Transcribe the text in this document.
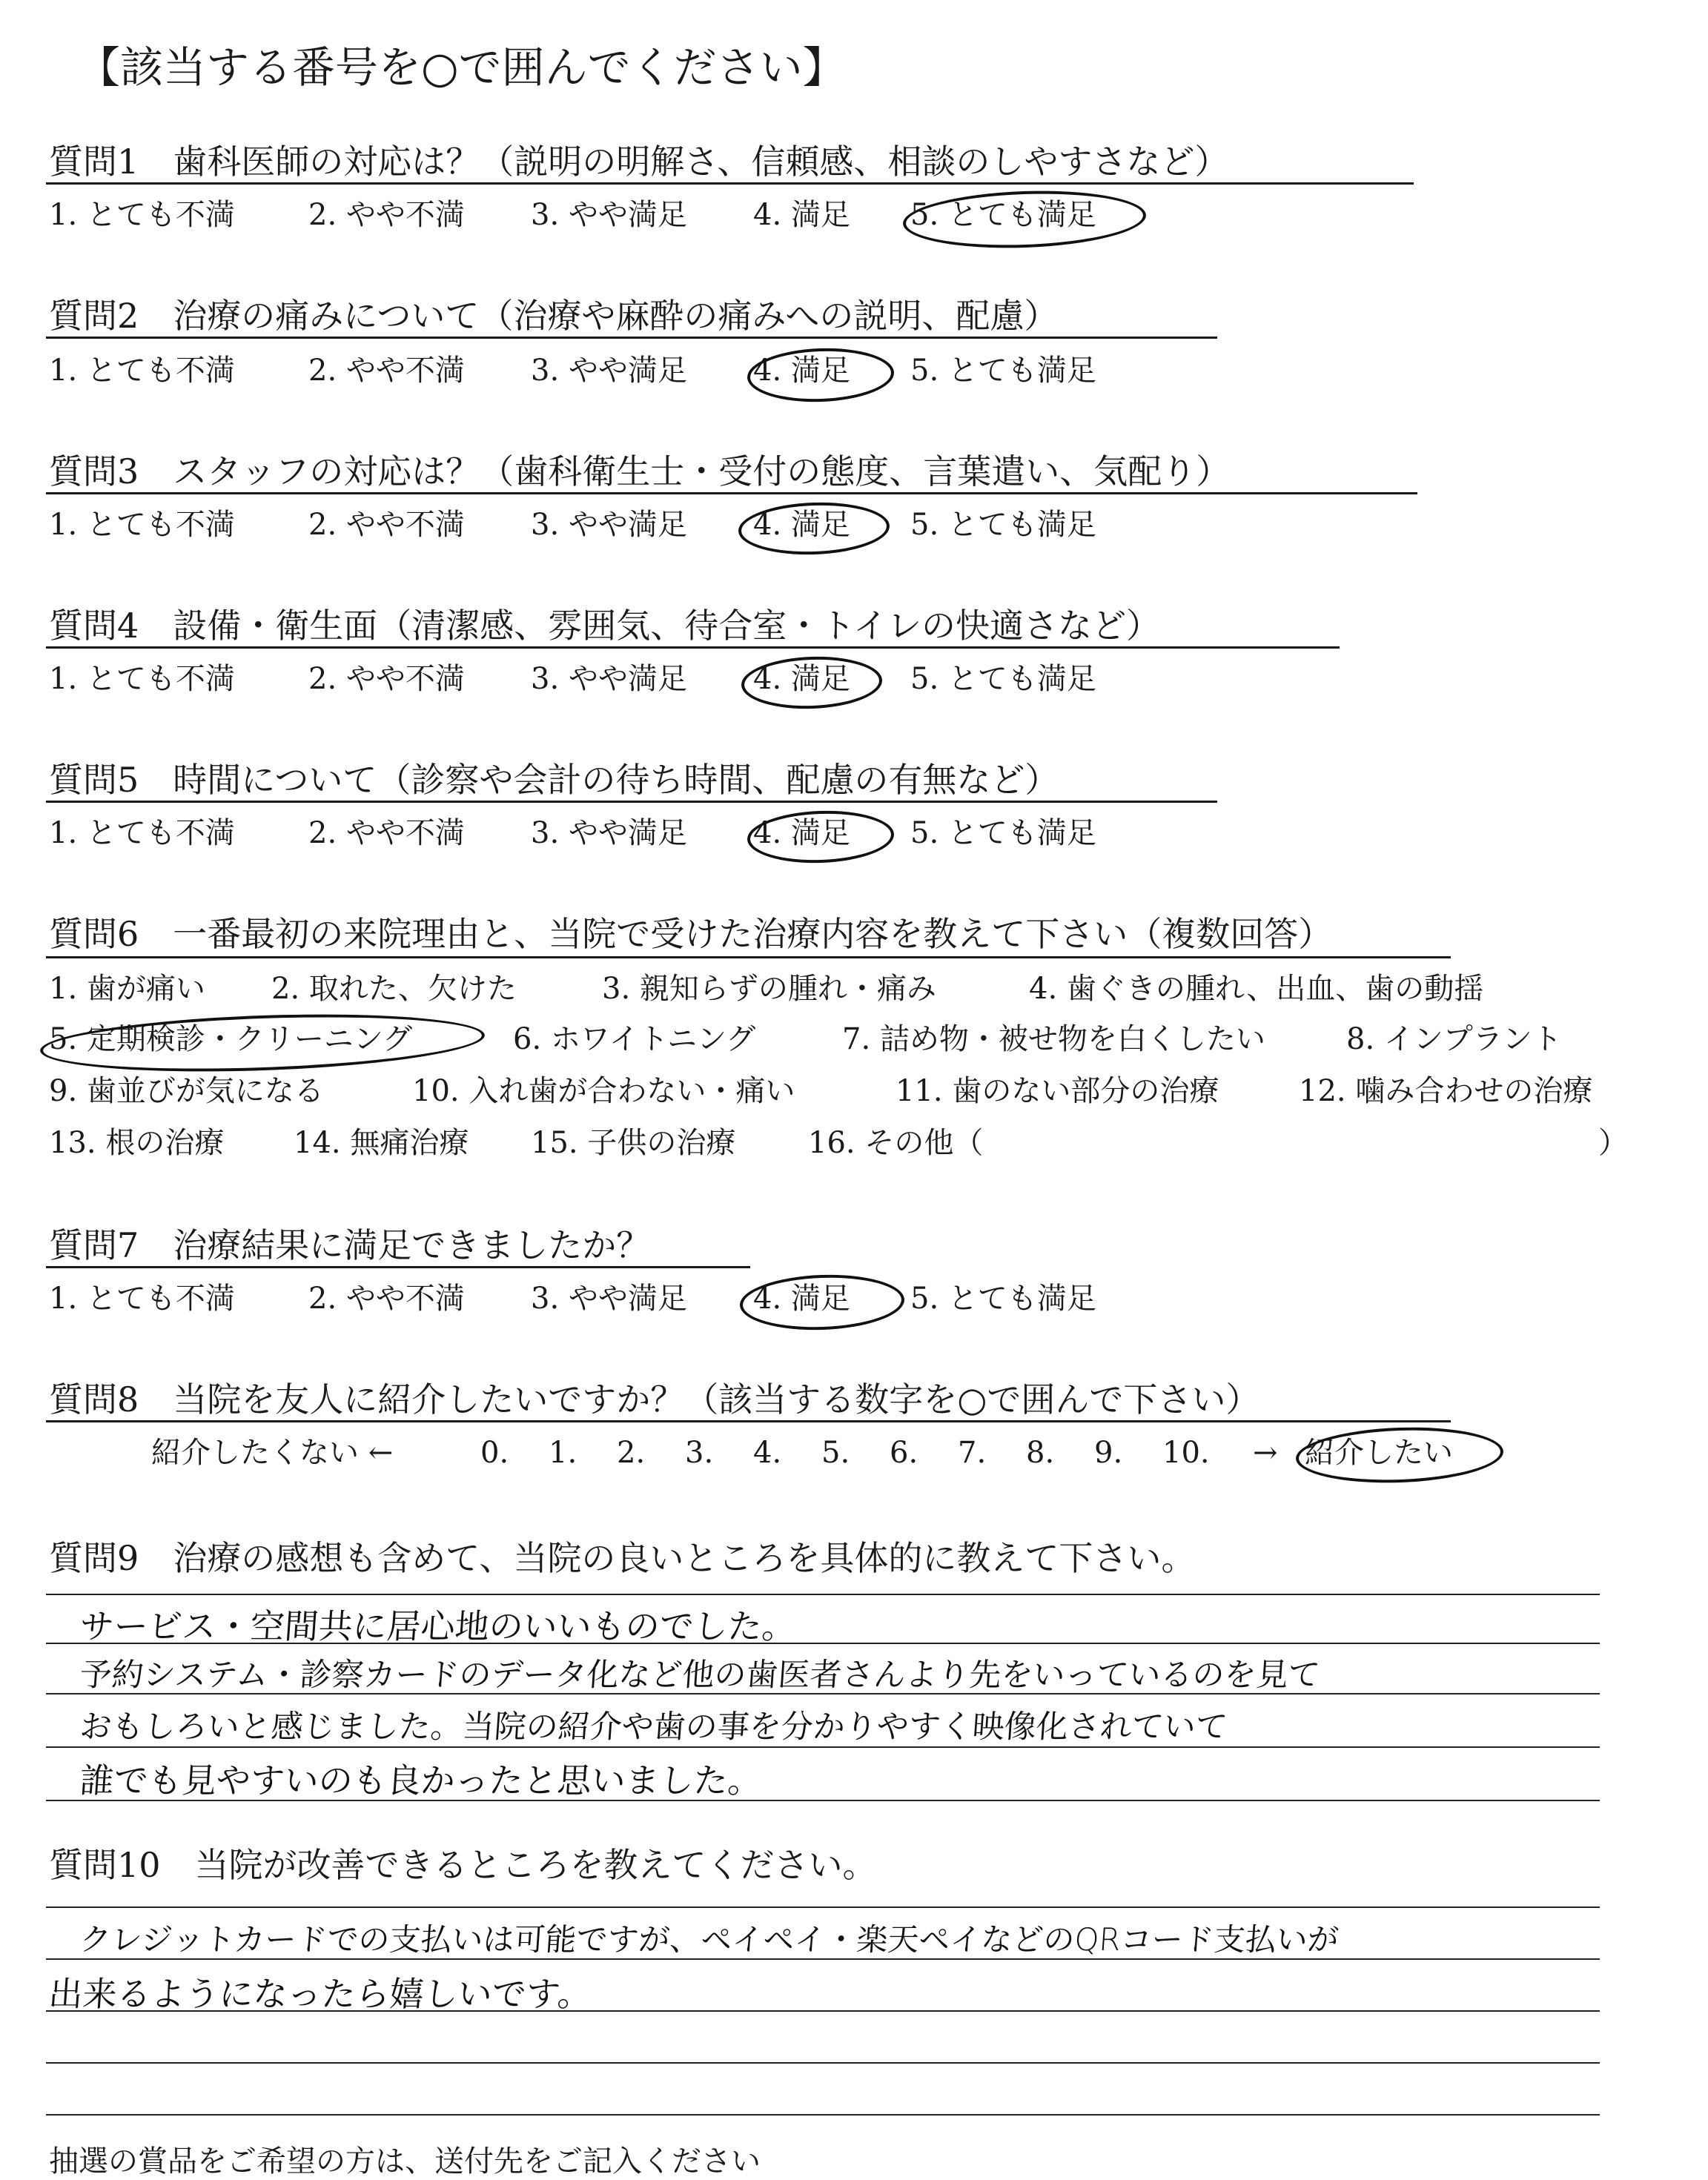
【該当する番号を○で囲んでください】
質問1　歯科医師の対応は？（説明の明解さ、信頼感、相談のしやすさなど）
1. とても不満 2. やや不満 3. やや満足 4. 満足 5. とても満足
質問2　治療の痛みについて（治療や麻酔の痛みへの説明、配慮）
1. とても不満 2. やや不満 3. やや満足 4. 満足 5. とても満足
質問3　スタッフの対応は？（歯科衛生士・受付の態度、言葉遣い、気配り）
1. とても不満 2. やや不満 3. やや満足 4. 満足 5. とても満足
質問4　設備・衛生面（清潔感、雰囲気、待合室・トイレの快適さなど）
1. とても不満 2. やや不満 3. やや満足 4. 満足 5. とても満足
質問5　時間について（診察や会計の待ち時間、配慮の有無など）
1. とても不満 2. やや不満 3. やや満足 4. 満足 5. とても満足
質問6　一番最初の来院理由と、当院で受けた治療内容を教えて下さい（複数回答）
1. 歯が痛い 2. 取れた、欠けた	3. 親知らずの腫れ・痛み	4. 歯ぐきの腫れ、出血、歯の動揺
5. 定期検診・クリーニング	6. ホワイトニング	7. 詰め物・被せ物を白くしたい	8. インプラント
9. 歯並びが気になる	10. 入れ歯が合わない・痛い	11. 歯のない部分の治療	12. 噛み合わせの治療
13. 根の治療 14. 無痛治療 15. 子供の治療 16. その他（	）
質問7　治療結果に満足できましたか？
1. とても不満 2. やや不満 3. やや満足 4. 満足 5. とても満足
質問8　当院を友人に紹介したいですか？（該当する数字を○で囲んで下さい）
紹介したくない ←	0. 1. 2. 3. 4. 5. 6. 7. 8. 9. 10. → 紹介したい
質問9　治療の感想も含めて、当院の良いところを具体的に教えて下さい。
サービス・空間共に居心地のいいものでした。
予約システム・診察カードのデータ化など他の歯医者さんより先をいっているのを見て
おもしろいと感じました。当院の紹介や歯の事を分かりやすく映像化されていて
誰でも見やすいのも良かったと思いました。
質問10　当院が改善できるところを教えてください。
クレジットカードでの支払いは可能ですが、ペイペイ・楽天ペイなどのQRコード支払いが
出来るようになったら嬉しいです。
抽選の賞品をご希望の方は、送付先をご記入ください
